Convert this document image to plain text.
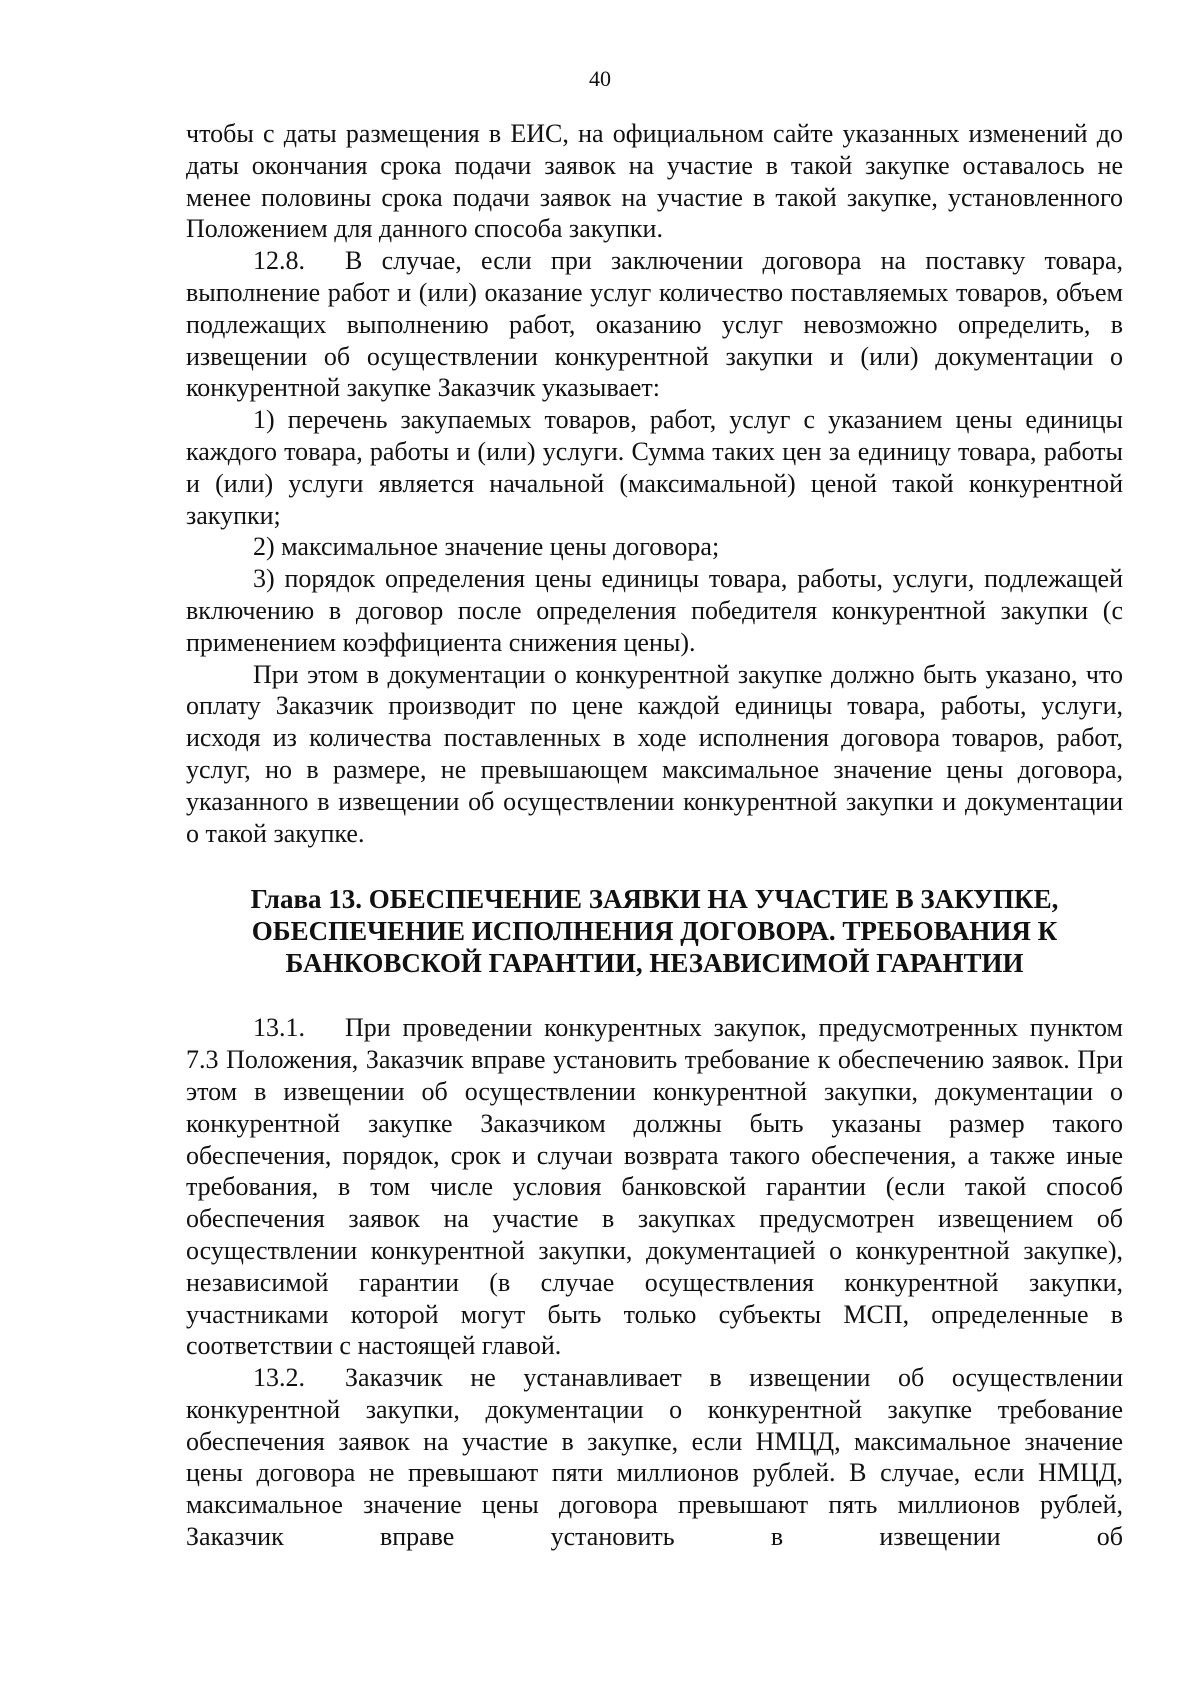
40

чтобы с даты размещения в ЕИС, на официальном сайте указанных изменений до даты окончания срока подачи заявок на участие в такой закупке оставалось не менее половины срока подачи заявок на участие в такой закупке, установленного Положением для данного способа закупки.

12.8. В случае, если при заключении договора на поставку товара, выполнение работ и (или) оказание услуг количество поставляемых товаров, объем подлежащих выполнению работ, оказанию услуг невозможно определить, в извещении об осуществлении конкурентной закупки и (или) документации о конкурентной закупке Заказчик указывает:

1) перечень закупаемых товаров, работ, услуг с указанием цены единицы каждого товара, работы и (или) услуги. Сумма таких цен за единицу товара, работы и (или) услуги является начальной (максимальной) ценой такой конкурентной закупки;

2) максимальное значение цены договора;

3) порядок определения цены единицы товара, работы, услуги, подлежащей включению в договор после определения победителя конкурентной закупки (с применением коэффициента снижения цены).

При этом в документации о конкурентной закупке должно быть указано, что оплату Заказчик производит по цене каждой единицы товара, работы, услуги, исходя из количества поставленных в ходе исполнения договора товаров, работ, услуг, но в размере, не превышающем максимальное значение цены договора, указанного в извещении об осуществлении конкурентной закупки и документации о такой закупке.

Глава 13. ОБЕСПЕЧЕНИЕ ЗАЯВКИ НА УЧАСТИЕ В ЗАКУПКЕ,
ОБЕСПЕЧЕНИЕ ИСПОЛНЕНИЯ ДОГОВОРА. ТРЕБОВАНИЯ К
БАНКОВСКОЙ ГАРАНТИИ, НЕЗАВИСИМОЙ ГАРАНТИИ

13.1. При проведении конкурентных закупок, предусмотренных пунктом 7.3 Положения, Заказчик вправе установить требование к обеспечению заявок. При этом в извещении об осуществлении конкурентной закупки, документации о конкурентной закупке Заказчиком должны быть указаны размер такого обеспечения, порядок, срок и случаи возврата такого обеспечения, а также иные требования, в том числе условия банковской гарантии (если такой способ обеспечения заявок на участие в закупках предусмотрен извещением об осуществлении конкурентной закупки, документацией о конкурентной закупке), независимой гарантии (в случае осуществления конкурентной закупки, участниками которой могут быть только субъекты МСП, определенные в соответствии с настоящей главой.

13.2. Заказчик не устанавливает в извещении об осуществлении конкурентной закупки, документации о конкурентной закупке требование обеспечения заявок на участие в закупке, если НМЦД, максимальное значение цены договора не превышают пяти миллионов рублей. В случае, если НМЦД, максимальное значение цены договора превышают пять миллионов рублей, Заказчик вправе установить в извещении об
